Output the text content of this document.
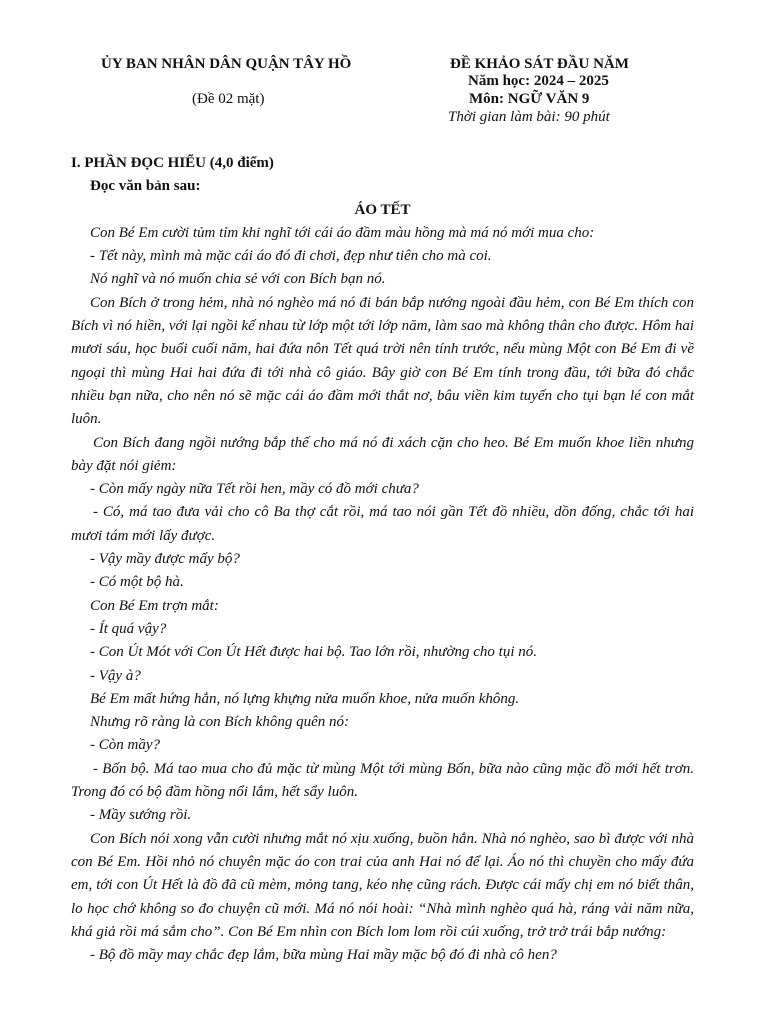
ỦY BAN NHÂN DÂN QUẬN TÂY HỒ
(Đề 02 mặt)
ĐỀ KHẢO SÁT ĐẦU NĂM
Năm học: 2024 – 2025
Môn: NGỮ VĂN 9
Thời gian làm bài: 90 phút

I. PHẦN ĐỌC HIỂU (4,0 điểm)

Đọc văn bản sau:

ÁO TẾT

Con Bé Em cười tủm tỉm khi nghĩ tới cái áo đầm màu hồng mà má nó mới mua cho:

- Tết này, mình mà mặc cái áo đó đi chơi, đẹp như tiên cho mà coi.

Nó nghĩ và nó muốn chia sẻ với con Bích bạn nó.

Con Bích ở trong hẻm, nhà nó nghèo má nó đi bán bắp nướng ngoài đầu hẻm, con Bé Em thích con Bích vì nó hiền, với lại ngồi kế nhau từ lớp một tới lớp năm, làm sao mà không thân cho được. Hôm hai mươi sáu, học buổi cuối năm, hai đứa nôn Tết quá trời nên tính trước, nếu mùng Một con Bé Em đi về ngoại thì mùng Hai hai đứa đi tới nhà cô giáo. Bây giờ con Bé Em tính trong đầu, tới bữa đó chắc nhiều bạn nữa, cho nên nó sẽ mặc cái áo đầm mới thắt nơ, bâu viền kim tuyến cho tụi bạn lé con mắt luôn.

Con Bích đang ngồi nướng bắp thế cho má nó đi xách cặn cho heo. Bé Em muốn khoe liền nhưng bày đặt nói giẻm:

- Còn mấy ngày nữa Tết rồi hen, mầy có đồ mới chưa?

- Có, má tao đưa vải cho cô Ba thợ cắt rồi, má tao nói gần Tết đồ nhiều, dồn đống, chắc tới hai mươi tám mới lấy được.

- Vậy mầy được mấy bộ?

- Có một bộ hà.

Con Bé Em trợn mắt:

- Ít quá vậy?

- Con Út Mót với Con Út Hết được hai bộ. Tao lớn rồi, nhường cho tụi nó.

- Vậy à?

Bé Em mất hứng hẳn, nó lựng khựng nửa muốn khoe, nửa muốn không.

Nhưng rõ ràng là con Bích không quên nó:

- Còn mầy?

- Bốn bộ. Má tao mua cho đủ mặc từ mùng Một tới mùng Bốn, bữa nào cũng mặc đồ mới hết trơn. Trong đó có bộ đầm hồng nổi lắm, hết sẩy luôn.

- Mầy sướng rồi.

Con Bích nói xong vẫn cười nhưng mắt nó xịu xuống, buồn hẳn. Nhà nó nghèo, sao bì được với nhà con Bé Em. Hồi nhỏ nó chuyên mặc áo con trai của anh Hai nó để lại. Áo nó thì chuyền cho mấy đứa em, tới con Út Hết là đồ đã cũ mèm, mỏng tang, kéo nhẹ cũng rách. Được cái mấy chị em nó biết thân, lo học chớ không so đo chuyện cũ mới. Má nó nói hoài: “Nhà mình nghèo quá hà, ráng vài năm nữa, khá giả rồi má sắm cho”. Con Bé Em nhìn con Bích lom lom rồi cúi xuống, trở trở trái bắp nướng:

- Bộ đồ mầy may chắc đẹp lắm, bữa mùng Hai mầy mặc bộ đó đi nhà cô hen?
